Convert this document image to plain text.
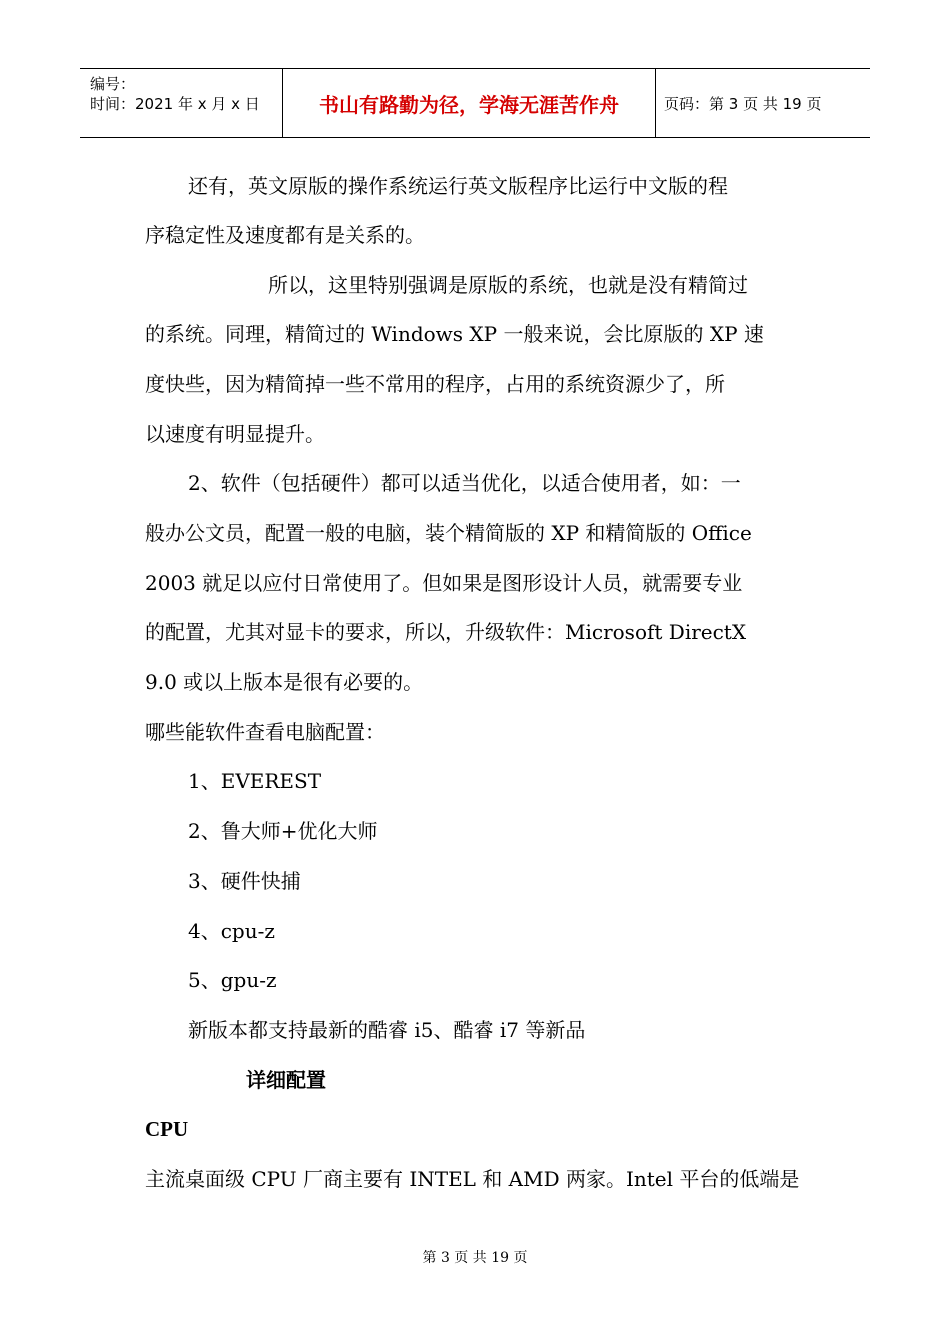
编号：
时间：2021 年 x 月 x 日	书山有路勤为径，学海无涯苦作舟	页码：第 3 页 共 19 页
还有，英文原版的操作系统运行英文版程序比运行中文版的程
序稳定性及速度都有是关系的。
所以，这里特别强调是原版的系统，也就是没有精简过
的系统。同理，精简过的 Windows XP 一般来说，会比原版的 XP 速
度快些，因为精简掉一些不常用的程序，占用的系统资源少了，所
以速度有明显提升。
2、软件（包括硬件）都可以适当优化，以适合使用者，如：一
般办公文员，配置一般的电脑，装个精简版的 XP 和精简版的 Office
2003 就足以应付日常使用了。但如果是图形设计人员，就需要专业
的配置，尤其对显卡的要求，所以，升级软件：Microsoft DirectX
9.0 或以上版本是很有必要的。
哪些能软件查看电脑配置：
1、EVEREST
2、鲁大师+优化大师
3、硬件快捕
4、cpu-z
5、gpu-z
新版本都支持最新的酷睿 i5、酷睿 i7 等新品
详细配置
CPU
主流桌面级 CPU 厂商主要有 INTEL 和 AMD 两家。Intel 平台的低端是
第 3 页 共 19 页
